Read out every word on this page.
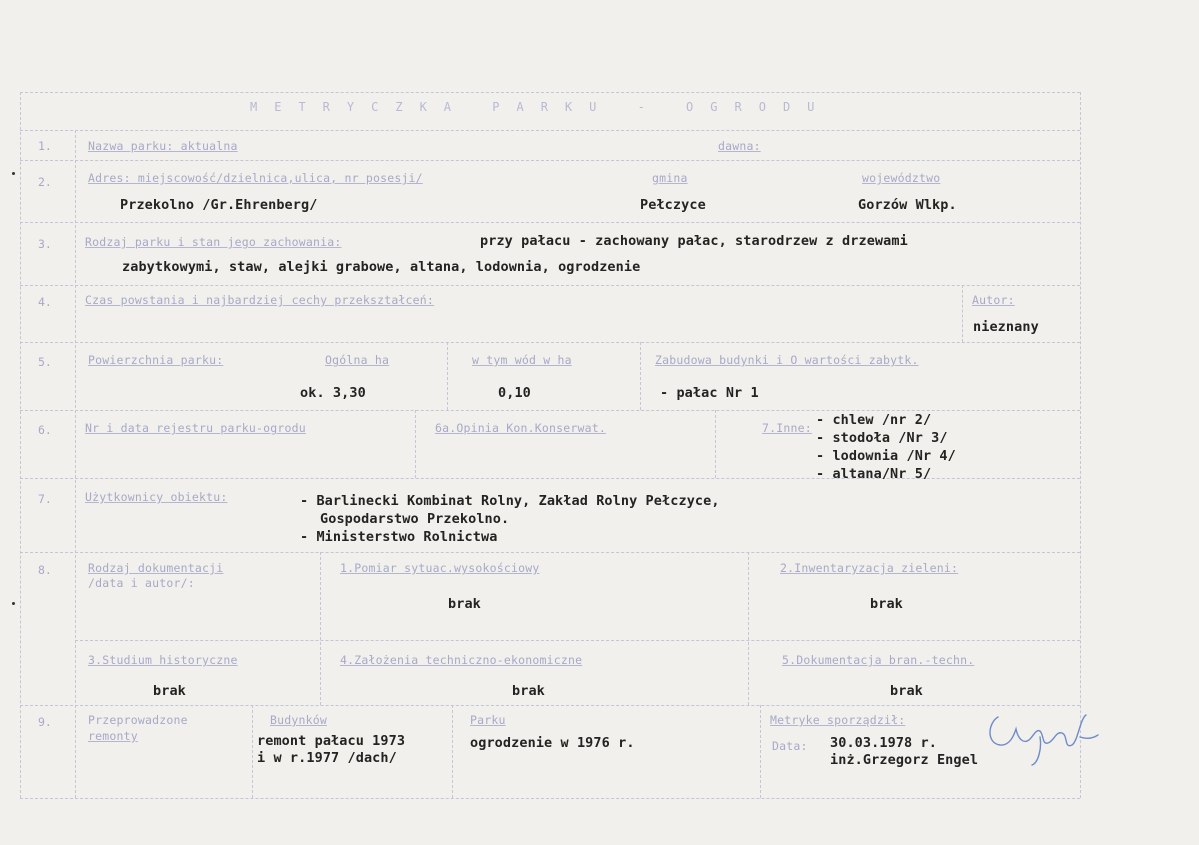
METRYCZKA PARKU - OGRODU
1.	Nazwa parku: aktualna	dawna:
2.	Adres: miejscowość/dzielnica,ulica, nr posesji/	gmina	województwo
Przekolno /Gr.Ehrenberg/	Pełczyce	Gorzów Wlkp.
3.	Rodzaj parku i stan jego zachowania:	przy pałacu - zachowany pałac, starodrzew z drzewami
zabytkowymi, staw, alejki grabowe, altana, lodownia, ogrodzenie
4.	Czas powstania i najbardziej cechy przekształceń:	Autor:
nieznany
5.	Powierzchnia parku:	Ogólna ha	w tym wód w ha	Zabudowa budynki i O wartości zabytk.
ok. 3,30	0,10	- pałac Nr 1
6.	Nr i data rejestru parku-ogrodu	6a.Opinia Kon.Konserwat.	7.Inne: - chlew /nr 2/
- stodoła /Nr 3/
- lodownia /Nr 4/
- altana/Nr 5/
7.	Użytkownicy obiektu:	- Barlinecki Kombinat Rolny, Zakład Rolny Pełczyce,
Gospodarstwo Przekolno.
- Ministerstwo Rolnictwa
8.	Rodzaj dokumentacji
/data i autor/:
1.Pomiar sytuac.wysokościowy	2.Inwentaryzacja zieleni:
brak	brak
3.Studium historyczne	4.Założenia techniczno-ekonomiczne	5.Dokumentacja bran.-techn.
brak	brak	brak
9.	Przeprowadzone
remonty
Budynków	Parku
remont pałacu 1973
i w r.1977 /dach/
ogrodzenie w 1976 r.
Metryke sporządził:
Data: 30.03.1978 r.
inż.Grzegorz Engel
